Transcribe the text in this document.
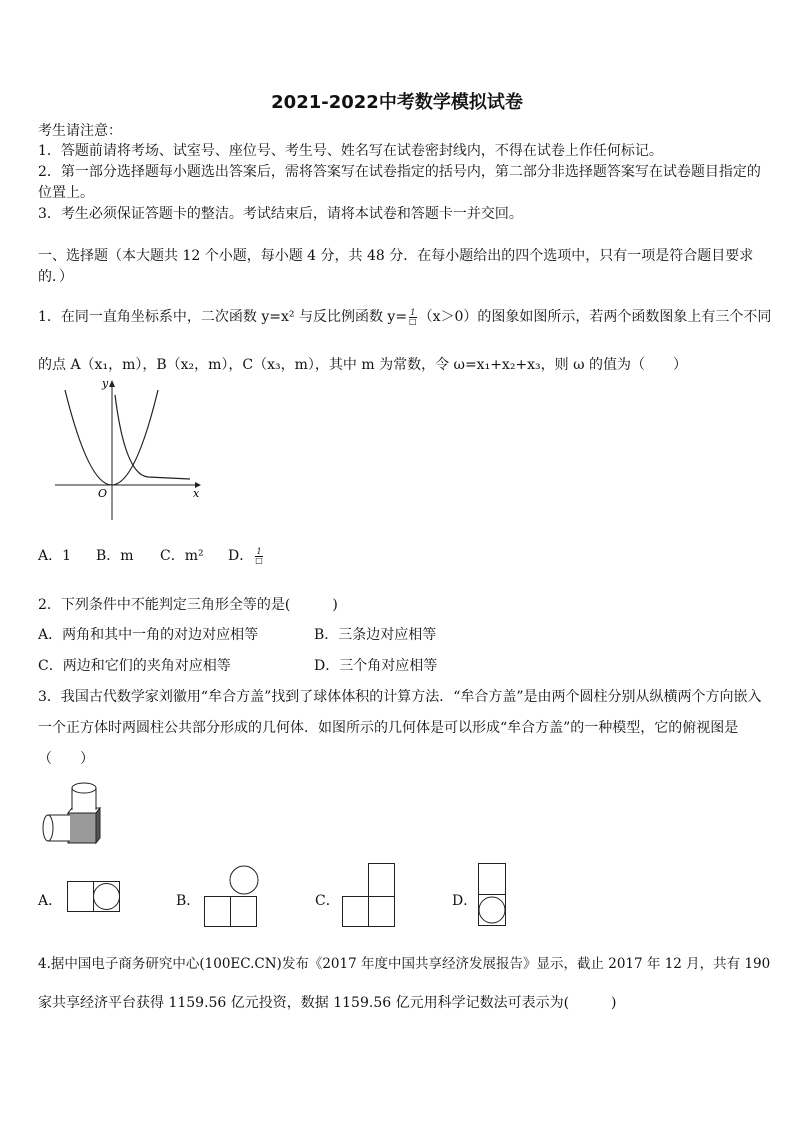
2021-2022中考数学模拟试卷
考生请注意：
1．答题前请将考场、试室号、座位号、考生号、姓名写在试卷密封线内，不得在试卷上作任何标记。
2．第一部分选择题每小题选出答案后，需将答案写在试卷指定的括号内，第二部分非选择题答案写在试卷题目指定的
位置上。
3．考生必须保证答题卡的整洁。考试结束后，请将本试卷和答题卡一并交回。
一、选择题（本大题共 12 个小题，每小题 4 分，共 48 分．在每小题给出的四个选项中，只有一项是符合题目要求
的．）
1．在同一直角坐标系中，二次函数 y=x² 与反比例函数 $y= \frac{1}{□} (x>0)$的图象如图所示，若两个函数图象上有三个不同
的点 A（x₁，m），B（x₂，m），C（x₃，m），其中 m 为常数，令 ω=x₁+x₂+x₃，则 ω 的值为（　　）
y
x
O
A．1 B．m C．m² D． $\frac{1}{□}$
2．下列条件中不能判定三角形全等的是(　　　)
A．两角和其中一角的对边对应相等	B．三条边对应相等
C．两边和它们的夹角对应相等	D．三个角对应相等
3．我国古代数学家刘徽用“牟合方盖”找到了球体体积的计算方法．“牟合方盖”是由两个圆柱分别从纵横两个方向嵌入
一个正方体时两圆柱公共部分形成的几何体．如图所示的几何体是可以形成“牟合方盖”的一种模型，它的俯视图是
（　　）
A．	B．	C．	D．
4.据中国电子商务研究中心(100EC.CN)发布《2017 年度中国共享经济发展报告》显示，截止 2017 年 12 月，共有 190
家共享经济平台获得 1159.56 亿元投资，数据 1159.56 亿元用科学记数法可表示为(　　　)
